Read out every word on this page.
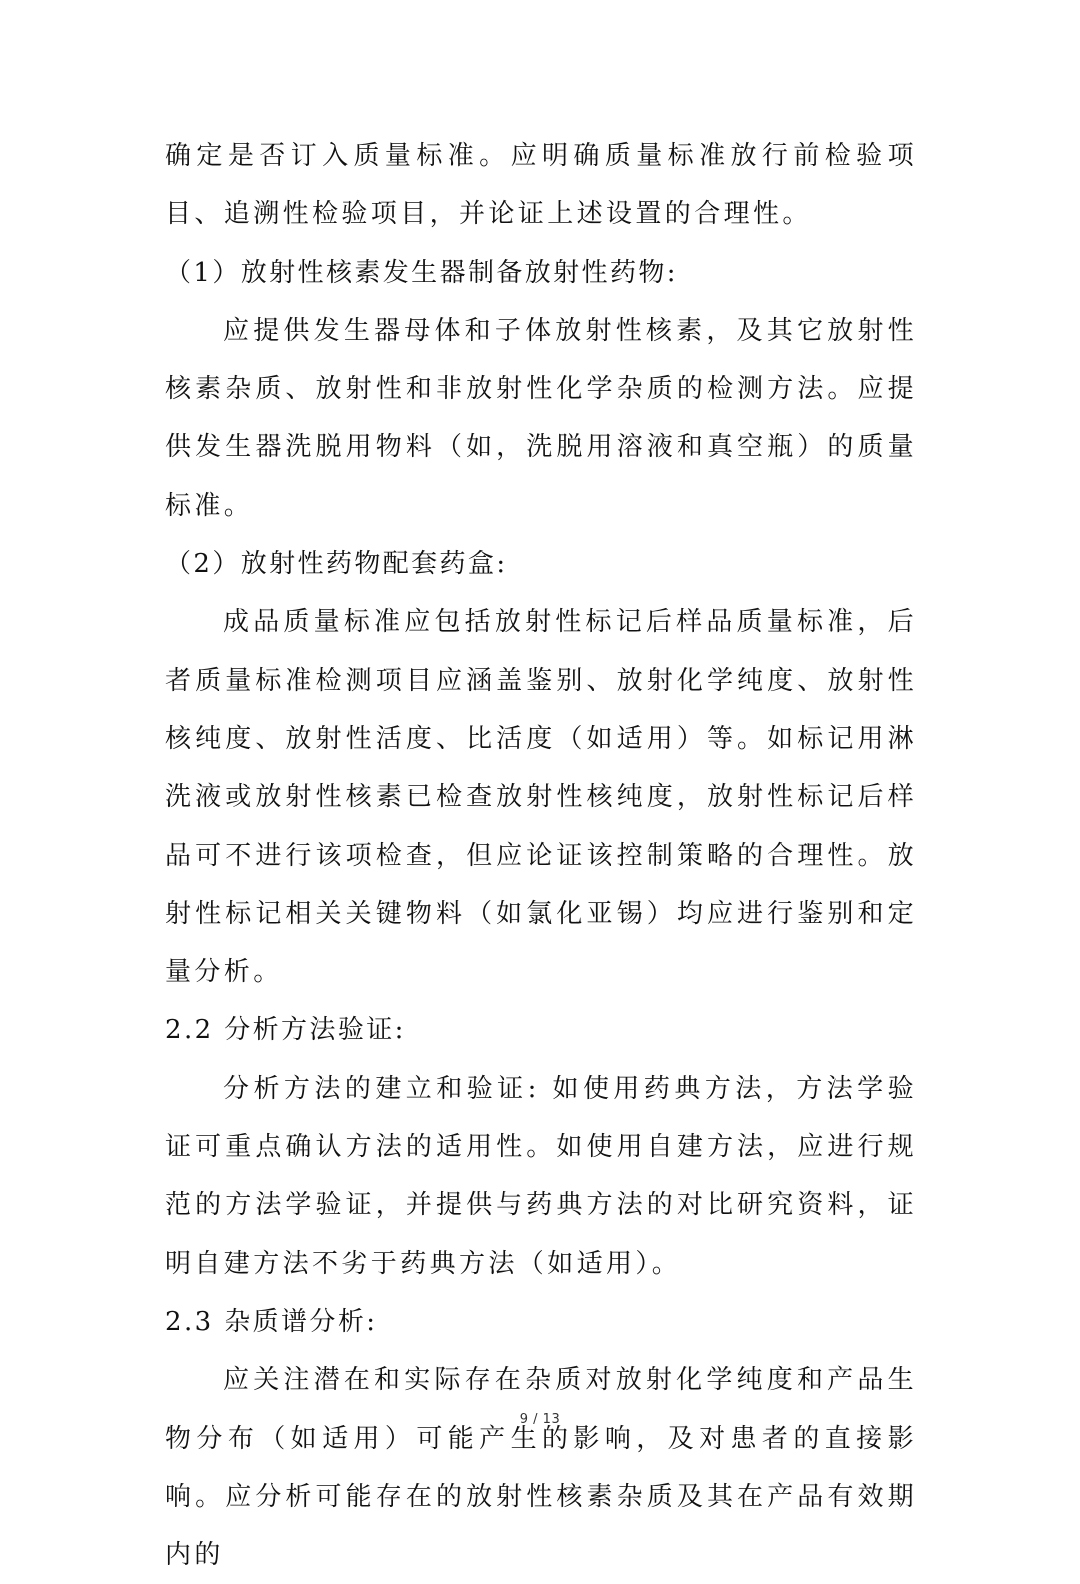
确定是否订入质量标准。应明确质量标准放行前检验项目、追溯性检验项目，并论证上述设置的合理性。

（1）放射性核素发生器制备放射性药物:

应提供发生器母体和子体放射性核素，及其它放射性核素杂质、放射性和非放射性化学杂质的检测方法。应提供发生器洗脱用物料（如，洗脱用溶液和真空瓶）的质量标准。

（2）放射性药物配套药盒:

成品质量标准应包括放射性标记后样品质量标准，后者质量标准检测项目应涵盖鉴别、放射化学纯度、放射性核纯度、放射性活度、比活度（如适用）等。如标记用淋洗液或放射性核素已检查放射性核纯度，放射性标记后样品可不进行该项检查，但应论证该控制策略的合理性。放射性标记相关关键物料（如氯化亚锡）均应进行鉴别和定量分析。

2.2 分析方法验证:

分析方法的建立和验证: 如使用药典方法，方法学验证可重点确认方法的适用性。如使用自建方法，应进行规范的方法学验证，并提供与药典方法的对比研究资料，证明自建方法不劣于药典方法（如适用）。

2.3 杂质谱分析:

应关注潜在和实际存在杂质对放射化学纯度和产品生物分布（如适用）可能产生的影响，及对患者的直接影响。应分析可能存在的放射性核素杂质及其在产品有效期内的

9 / 13
